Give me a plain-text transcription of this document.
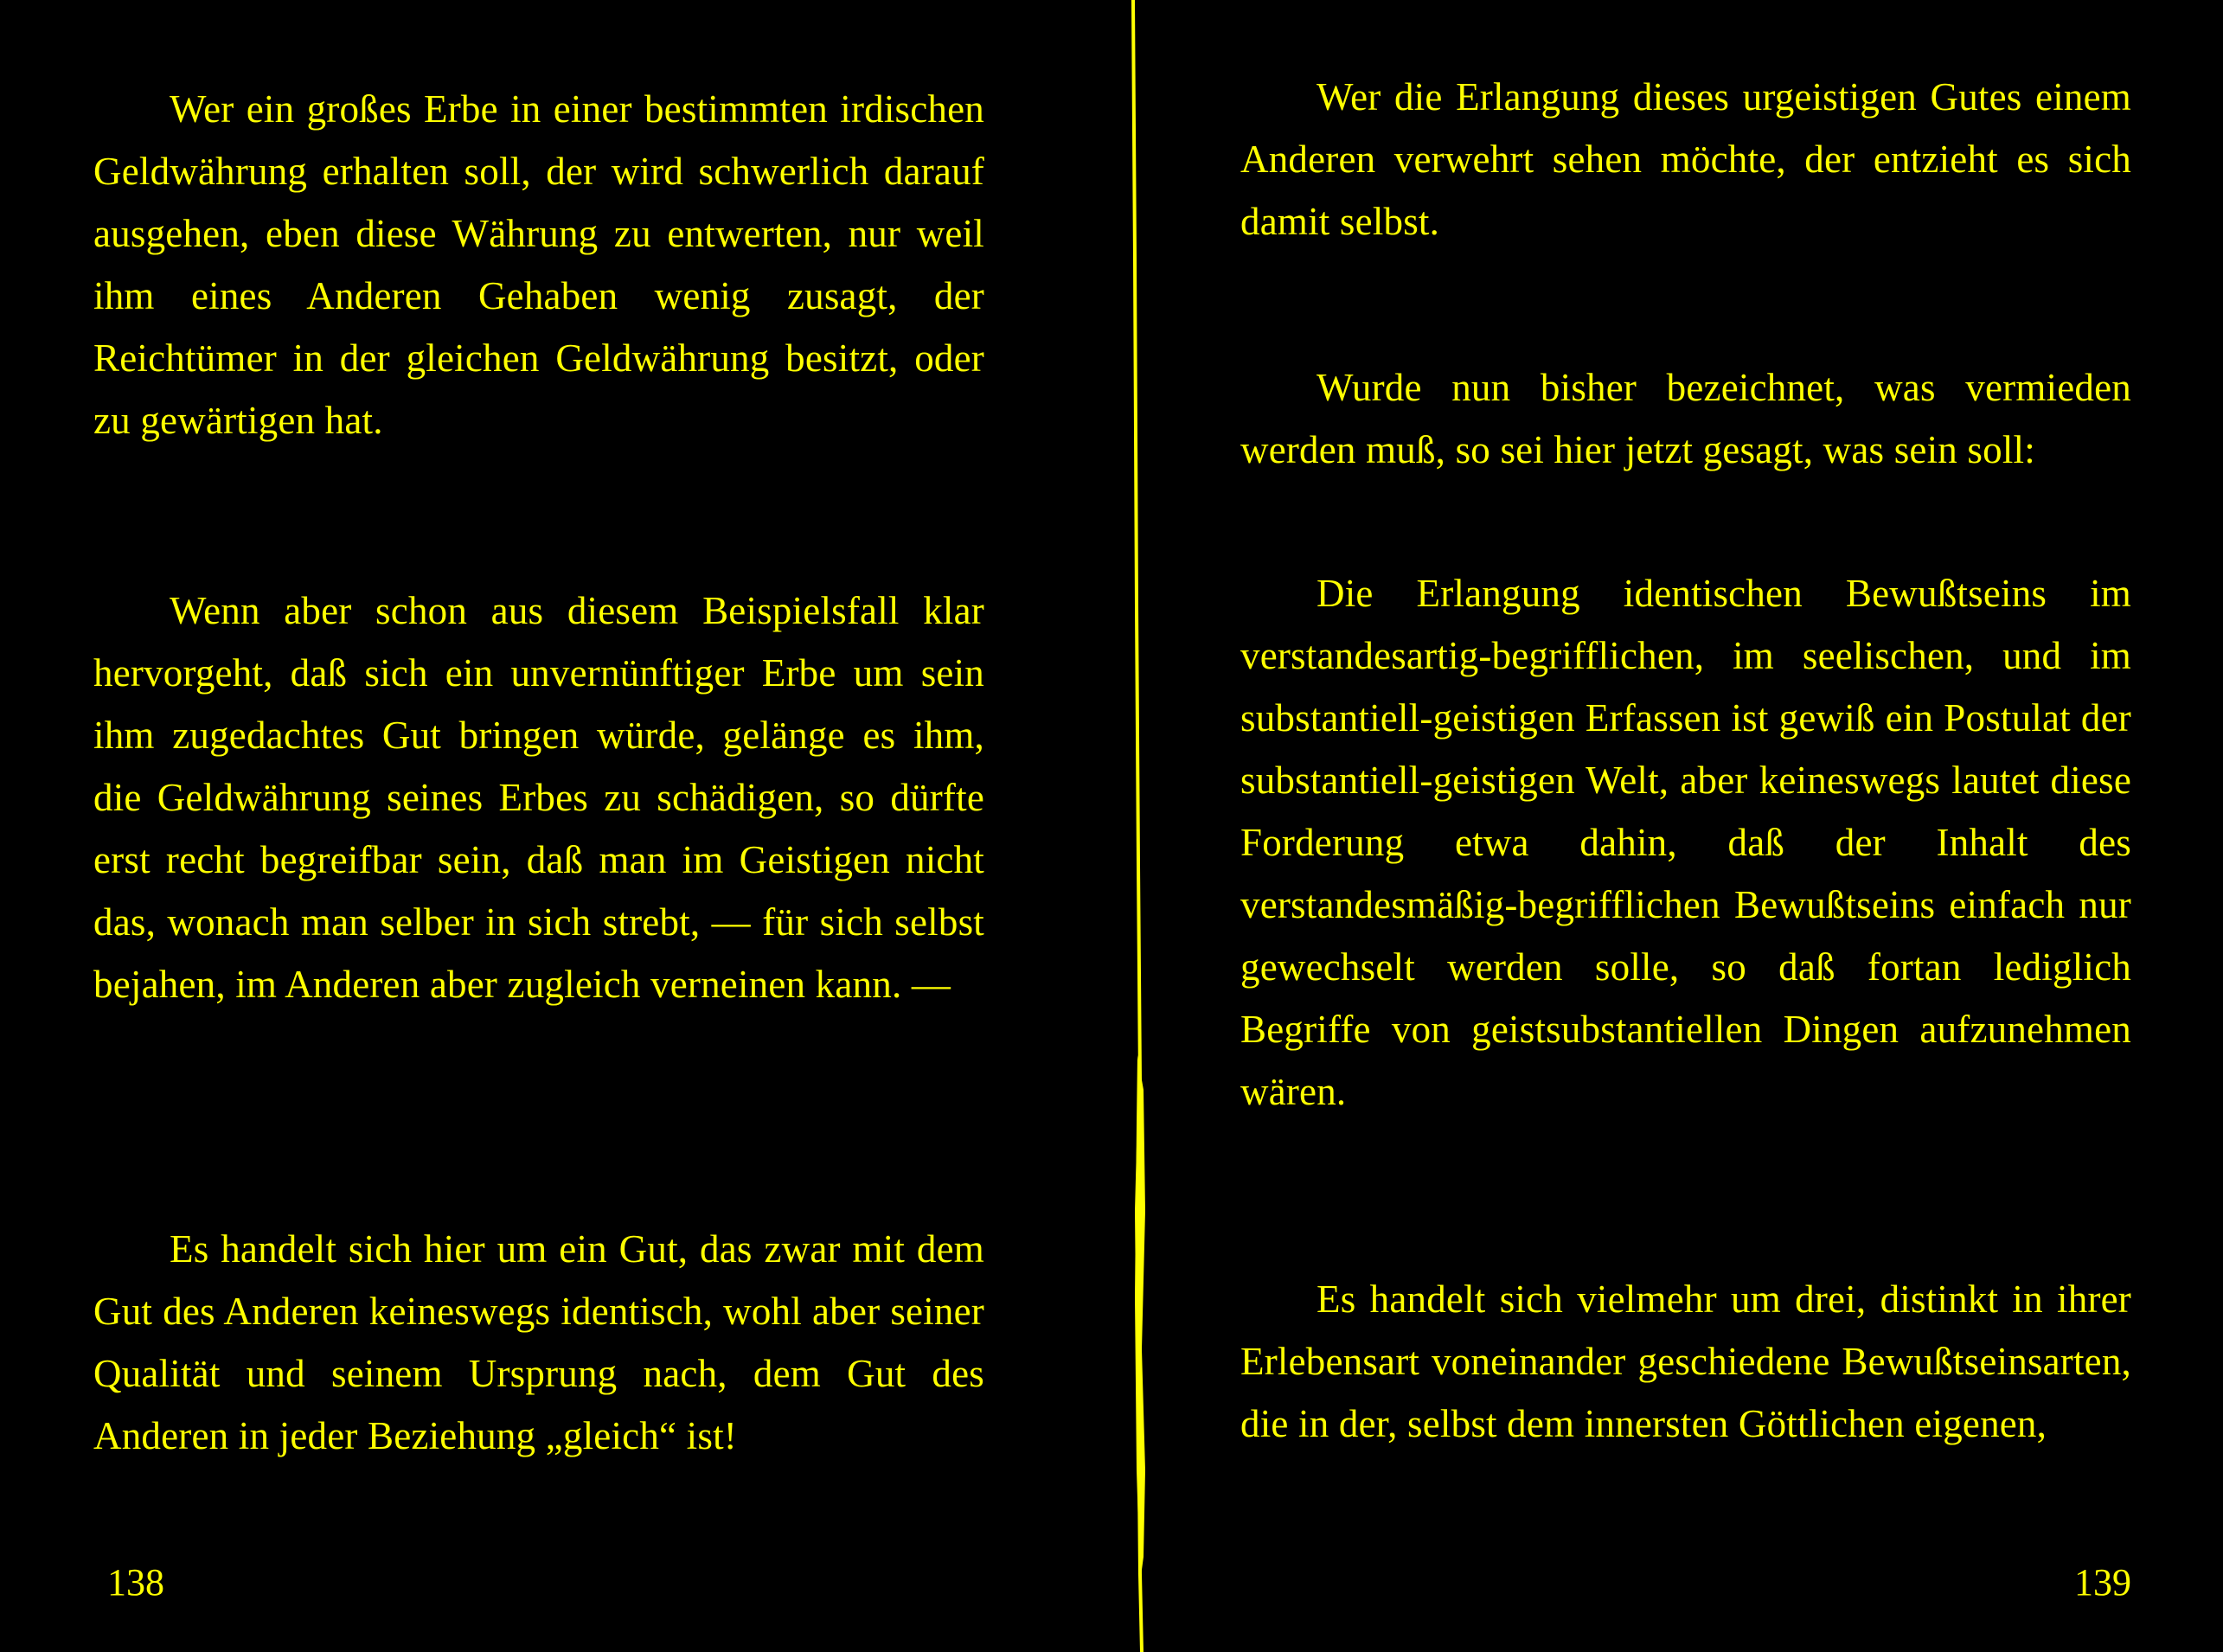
Wer ein großes Erbe in einer bestimmten irdischen Geldwährung erhalten soll, der wird schwerlich darauf ausgehen, eben diese Währung zu entwerten, nur weil ihm eines Anderen Gehaben wenig zusagt, der Reichtümer in der gleichen Geldwährung besitzt, oder zu gewärtigen hat.

Wenn aber schon aus diesem Beispielsfall klar hervorgeht, daß sich ein unvernünftiger Erbe um sein ihm zugedachtes Gut bringen würde, gelänge es ihm, die Geldwährung seines Erbes zu schädigen, so dürfte erst recht begreifbar sein, daß man im Geistigen nicht das, wonach man selber in sich strebt, — für sich selbst bejahen, im Anderen aber zugleich verneinen kann. —

Es handelt sich hier um ein Gut, das zwar mit dem Gut des Anderen keineswegs identisch, wohl aber seiner Qualität und seinem Ursprung nach, dem Gut des Anderen in jeder Beziehung „gleich“ ist!

138

Wer die Erlangung dieses urgeistigen Gutes einem Anderen verwehrt sehen möchte, der entzieht es sich damit selbst.

Wurde nun bisher bezeichnet, was vermieden werden muß, so sei hier jetzt gesagt, was sein soll:

Die Erlangung identischen Bewußtseins im verstandesartig-begrifflichen, im seelischen, und im substantiell-geistigen Erfassen ist gewiß ein Postulat der substantiell-geistigen Welt, aber keineswegs lautet diese Forderung etwa dahin, daß der Inhalt des verstandesmäßig-begrifflichen Bewußtseins einfach nur gewechselt werden solle, so daß fortan lediglich Begriffe von geistsubstantiellen Dingen aufzunehmen wären.

Es handelt sich vielmehr um drei, distinkt in ihrer Erlebensart voneinander geschiedene Bewußtseinsarten, die in der, selbst dem innersten Göttlichen eigenen,

139
